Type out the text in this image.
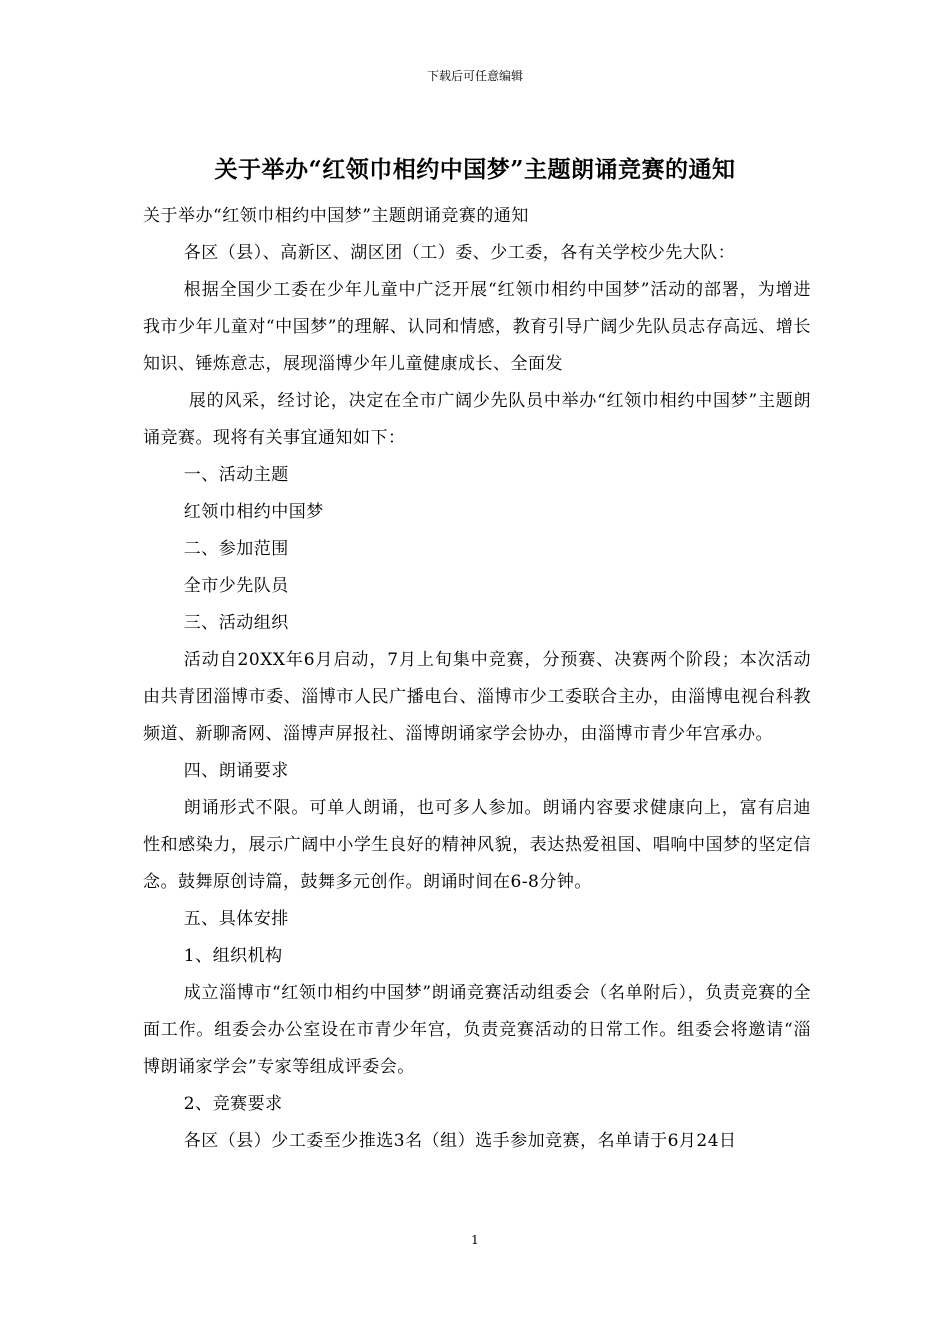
下载后可任意编辑
关于举办“红领巾相约中国梦”主题朗诵竞赛的通知

关于举办“红领巾相约中国梦”主题朗诵竞赛的通知

各区（县）、高新区、湖区团（工）委、少工委，各有关学校少先大队：

根据全国少工委在少年儿童中广泛开展“红领巾相约中国梦”活动的部署，为增进我市少年儿童对“中国梦”的理解、认同和情感，教育引导广阔少先队员志存高远、增长知识、锤炼意志，展现淄博少年儿童健康成长、全面发

展的风采，经讨论，决定在全市广阔少先队员中举办“红领巾相约中国梦”主题朗诵竞赛。现将有关事宜通知如下：

一、活动主题

红领巾相约中国梦

二、参加范围

全市少先队员

三、活动组织

活动自20XX年6月启动，7月上旬集中竞赛，分预赛、决赛两个阶段；本次活动由共青团淄博市委、淄博市人民广播电台、淄博市少工委联合主办，由淄博电视台科教频道、新聊斋网、淄博声屏报社、淄博朗诵家学会协办，由淄博市青少年宫承办。

四、朗诵要求

朗诵形式不限。可单人朗诵，也可多人参加。朗诵内容要求健康向上，富有启迪性和感染力，展示广阔中小学生良好的精神风貌，表达热爱祖国、唱响中国梦的坚定信念。鼓舞原创诗篇，鼓舞多元创作。朗诵时间在6-8分钟。

五、具体安排

1、组织机构

成立淄博市“红领巾相约中国梦”朗诵竞赛活动组委会（名单附后），负责竞赛的全面工作。组委会办公室设在市青少年宫，负责竞赛活动的日常工作。组委会将邀请“淄博朗诵家学会”专家等组成评委会。

2、竞赛要求

各区（县）少工委至少推选3名（组）选手参加竞赛，名单请于6月24日

1
